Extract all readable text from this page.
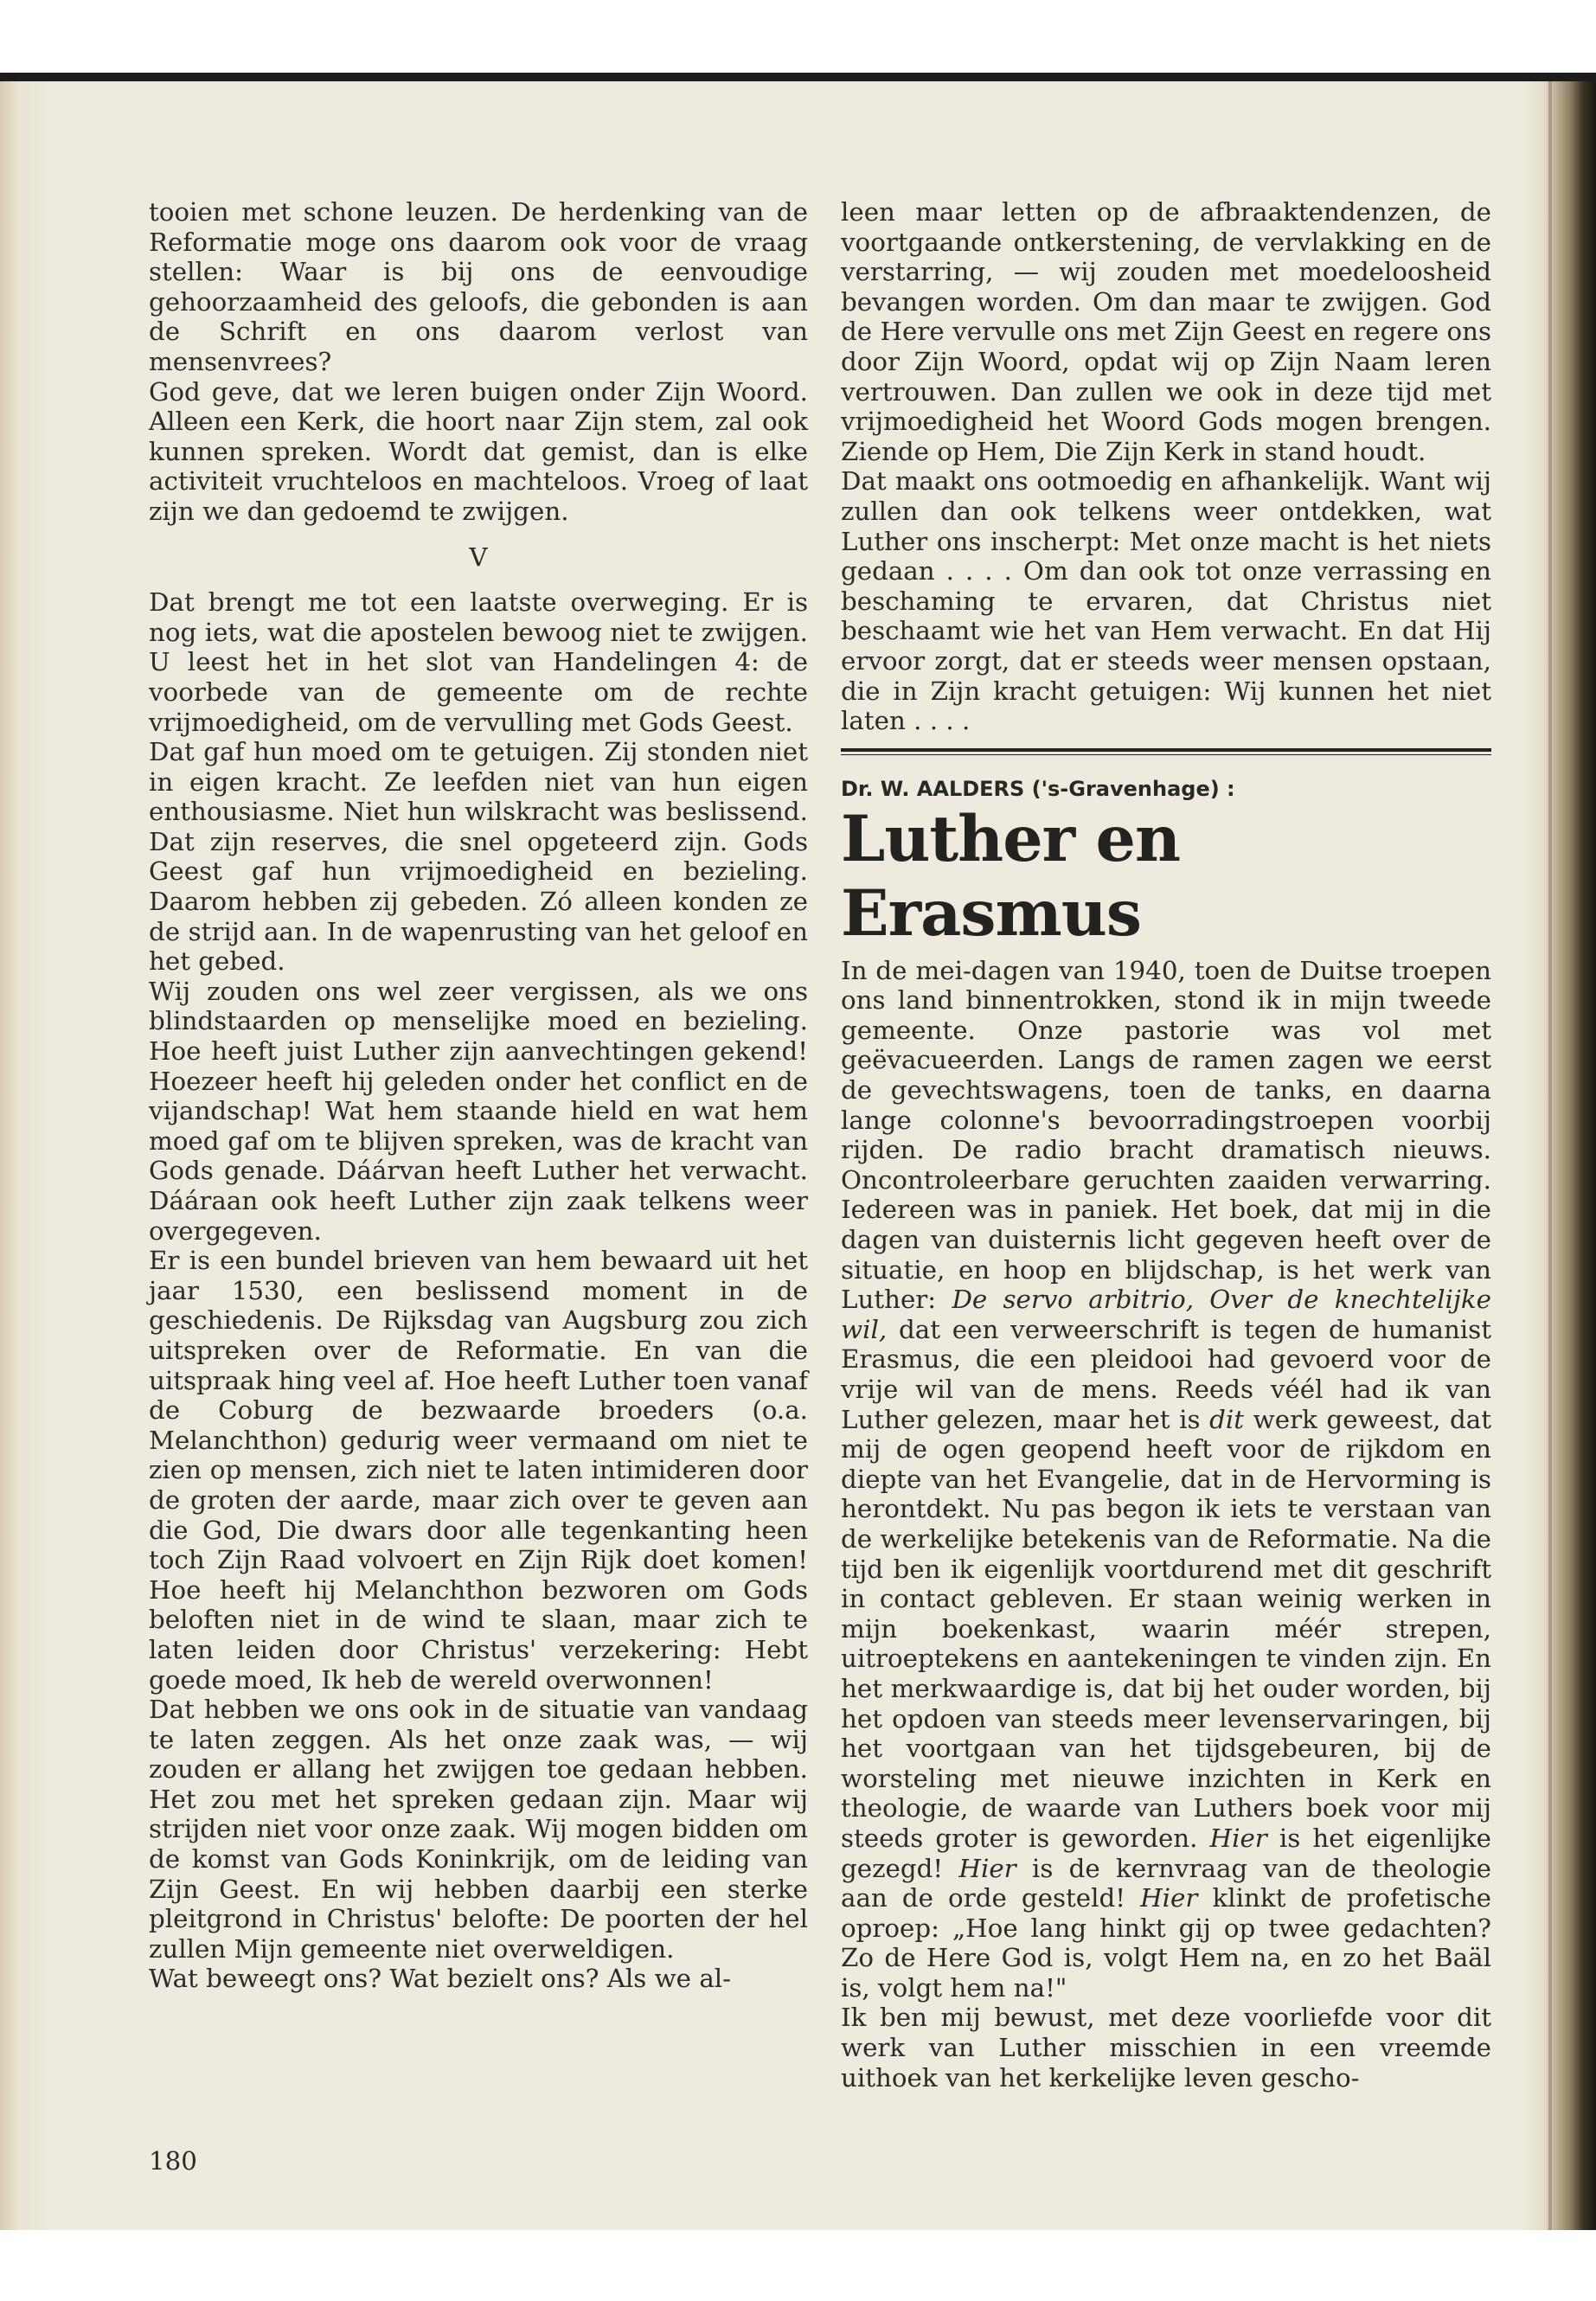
tooien met schone leuzen. De herdenking van de Reformatie moge ons daarom ook voor de vraag stellen: Waar is bij ons de eenvoudige gehoorzaamheid des geloofs, die gebonden is aan de Schrift en ons daarom verlost van mensenvrees?

God geve, dat we leren buigen onder Zijn Woord. Alleen een Kerk, die hoort naar Zijn stem, zal ook kunnen spreken. Wordt dat gemist, dan is elke activiteit vruchteloos en machteloos. Vroeg of laat zijn we dan gedoemd te zwijgen.

V

Dat brengt me tot een laatste overweging. Er is nog iets, wat die apostelen bewoog niet te zwijgen. U leest het in het slot van Handelingen 4: de voorbede van de gemeente om de rechte vrijmoedigheid, om de vervulling met Gods Geest.

Dat gaf hun moed om te getuigen. Zij stonden niet in eigen kracht. Ze leefden niet van hun eigen enthousiasme. Niet hun wilskracht was beslissend. Dat zijn reserves, die snel opgeteerd zijn. Gods Geest gaf hun vrijmoedigheid en bezieling. Daarom hebben zij gebeden. Zó alleen konden ze de strijd aan. In de wapenrusting van het geloof en het gebed.

Wij zouden ons wel zeer vergissen, als we ons blindstaarden op menselijke moed en bezieling. Hoe heeft juist Luther zijn aanvechtingen gekend! Hoezeer heeft hij geleden onder het conflict en de vijandschap! Wat hem staande hield en wat hem moed gaf om te blijven spreken, was de kracht van Gods genade. Dáárvan heeft Luther het verwacht. Dááraan ook heeft Luther zijn zaak telkens weer overgegeven.

Er is een bundel brieven van hem bewaard uit het jaar 1530, een beslissend moment in de geschiedenis. De Rijksdag van Augsburg zou zich uitspreken over de Reformatie. En van die uitspraak hing veel af. Hoe heeft Luther toen vanaf de Coburg de bezwaarde broeders (o.a. Melanchthon) gedurig weer vermaand om niet te zien op mensen, zich niet te laten intimideren door de groten der aarde, maar zich over te geven aan die God, Die dwars door alle tegenkanting heen toch Zijn Raad volvoert en Zijn Rijk doet komen! Hoe heeft hij Melanchthon bezworen om Gods beloften niet in de wind te slaan, maar zich te laten leiden door Christus' verzekering: Hebt goede moed, Ik heb de wereld overwonnen!

Dat hebben we ons ook in de situatie van vandaag te laten zeggen. Als het onze zaak was, — wij zouden er allang het zwijgen toe gedaan hebben. Het zou met het spreken gedaan zijn. Maar wij strijden niet voor onze zaak. Wij mogen bidden om de komst van Gods Koninkrijk, om de leiding van Zijn Geest. En wij hebben daarbij een sterke pleitgrond in Christus' belofte: De poorten der hel zullen Mijn gemeente niet overweldigen.

Wat beweegt ons? Wat bezielt ons? Als we al-

180

leen maar letten op de afbraaktendenzen, de voortgaande ontkerstening, de vervlakking en de verstarring, — wij zouden met moedeloosheid bevangen worden. Om dan maar te zwijgen. God de Here vervulle ons met Zijn Geest en regere ons door Zijn Woord, opdat wij op Zijn Naam leren vertrouwen. Dan zullen we ook in deze tijd met vrijmoedigheid het Woord Gods mogen brengen. Ziende op Hem, Die Zijn Kerk in stand houdt.

Dat maakt ons ootmoedig en afhankelijk. Want wij zullen dan ook telkens weer ontdekken, wat Luther ons inscherpt: Met onze macht is het niets gedaan . . . . Om dan ook tot onze verrassing en beschaming te ervaren, dat Christus niet beschaamt wie het van Hem verwacht. En dat Hij ervoor zorgt, dat er steeds weer mensen opstaan, die in Zijn kracht getuigen: Wij kunnen het niet laten . . . .

Dr. W. AALDERS ('s-Gravenhage) :

Luther en Erasmus

In de mei-dagen van 1940, toen de Duitse troepen ons land binnentrokken, stond ik in mijn tweede gemeente. Onze pastorie was vol met geëvacueerden. Langs de ramen zagen we eerst de gevechtswagens, toen de tanks, en daarna lange colonne's bevoorradingstroepen voorbij rijden. De radio bracht dramatisch nieuws. Oncontroleerbare geruchten zaaiden verwarring. Iedereen was in paniek. Het boek, dat mij in die dagen van duisternis licht gegeven heeft over de situatie, en hoop en blijdschap, is het werk van Luther: De servo arbitrio, Over de knechtelijke wil, dat een verweerschrift is tegen de humanist Erasmus, die een pleidooi had gevoerd voor de vrije wil van de mens. Reeds véél had ik van Luther gelezen, maar het is dit werk geweest, dat mij de ogen geopend heeft voor de rijkdom en diepte van het Evangelie, dat in de Hervorming is herontdekt. Nu pas begon ik iets te verstaan van de werkelijke betekenis van de Reformatie. Na die tijd ben ik eigenlijk voortdurend met dit geschrift in contact gebleven. Er staan weinig werken in mijn boekenkast, waarin méér strepen, uitroeptekens en aantekeningen te vinden zijn. En het merkwaardige is, dat bij het ouder worden, bij het opdoen van steeds meer levenservaringen, bij het voortgaan van het tijdsgebeuren, bij de worsteling met nieuwe inzichten in Kerk en theologie, de waarde van Luthers boek voor mij steeds groter is geworden. Hier is het eigenlijke gezegd! Hier is de kernvraag van de theologie aan de orde gesteld! Hier klinkt de profetische oproep: „Hoe lang hinkt gij op twee gedachten? Zo de Here God is, volgt Hem na, en zo het Baäl is, volgt hem na!"

Ik ben mij bewust, met deze voorliefde voor dit werk van Luther misschien in een vreemde uithoek van het kerkelijke leven gescho-
